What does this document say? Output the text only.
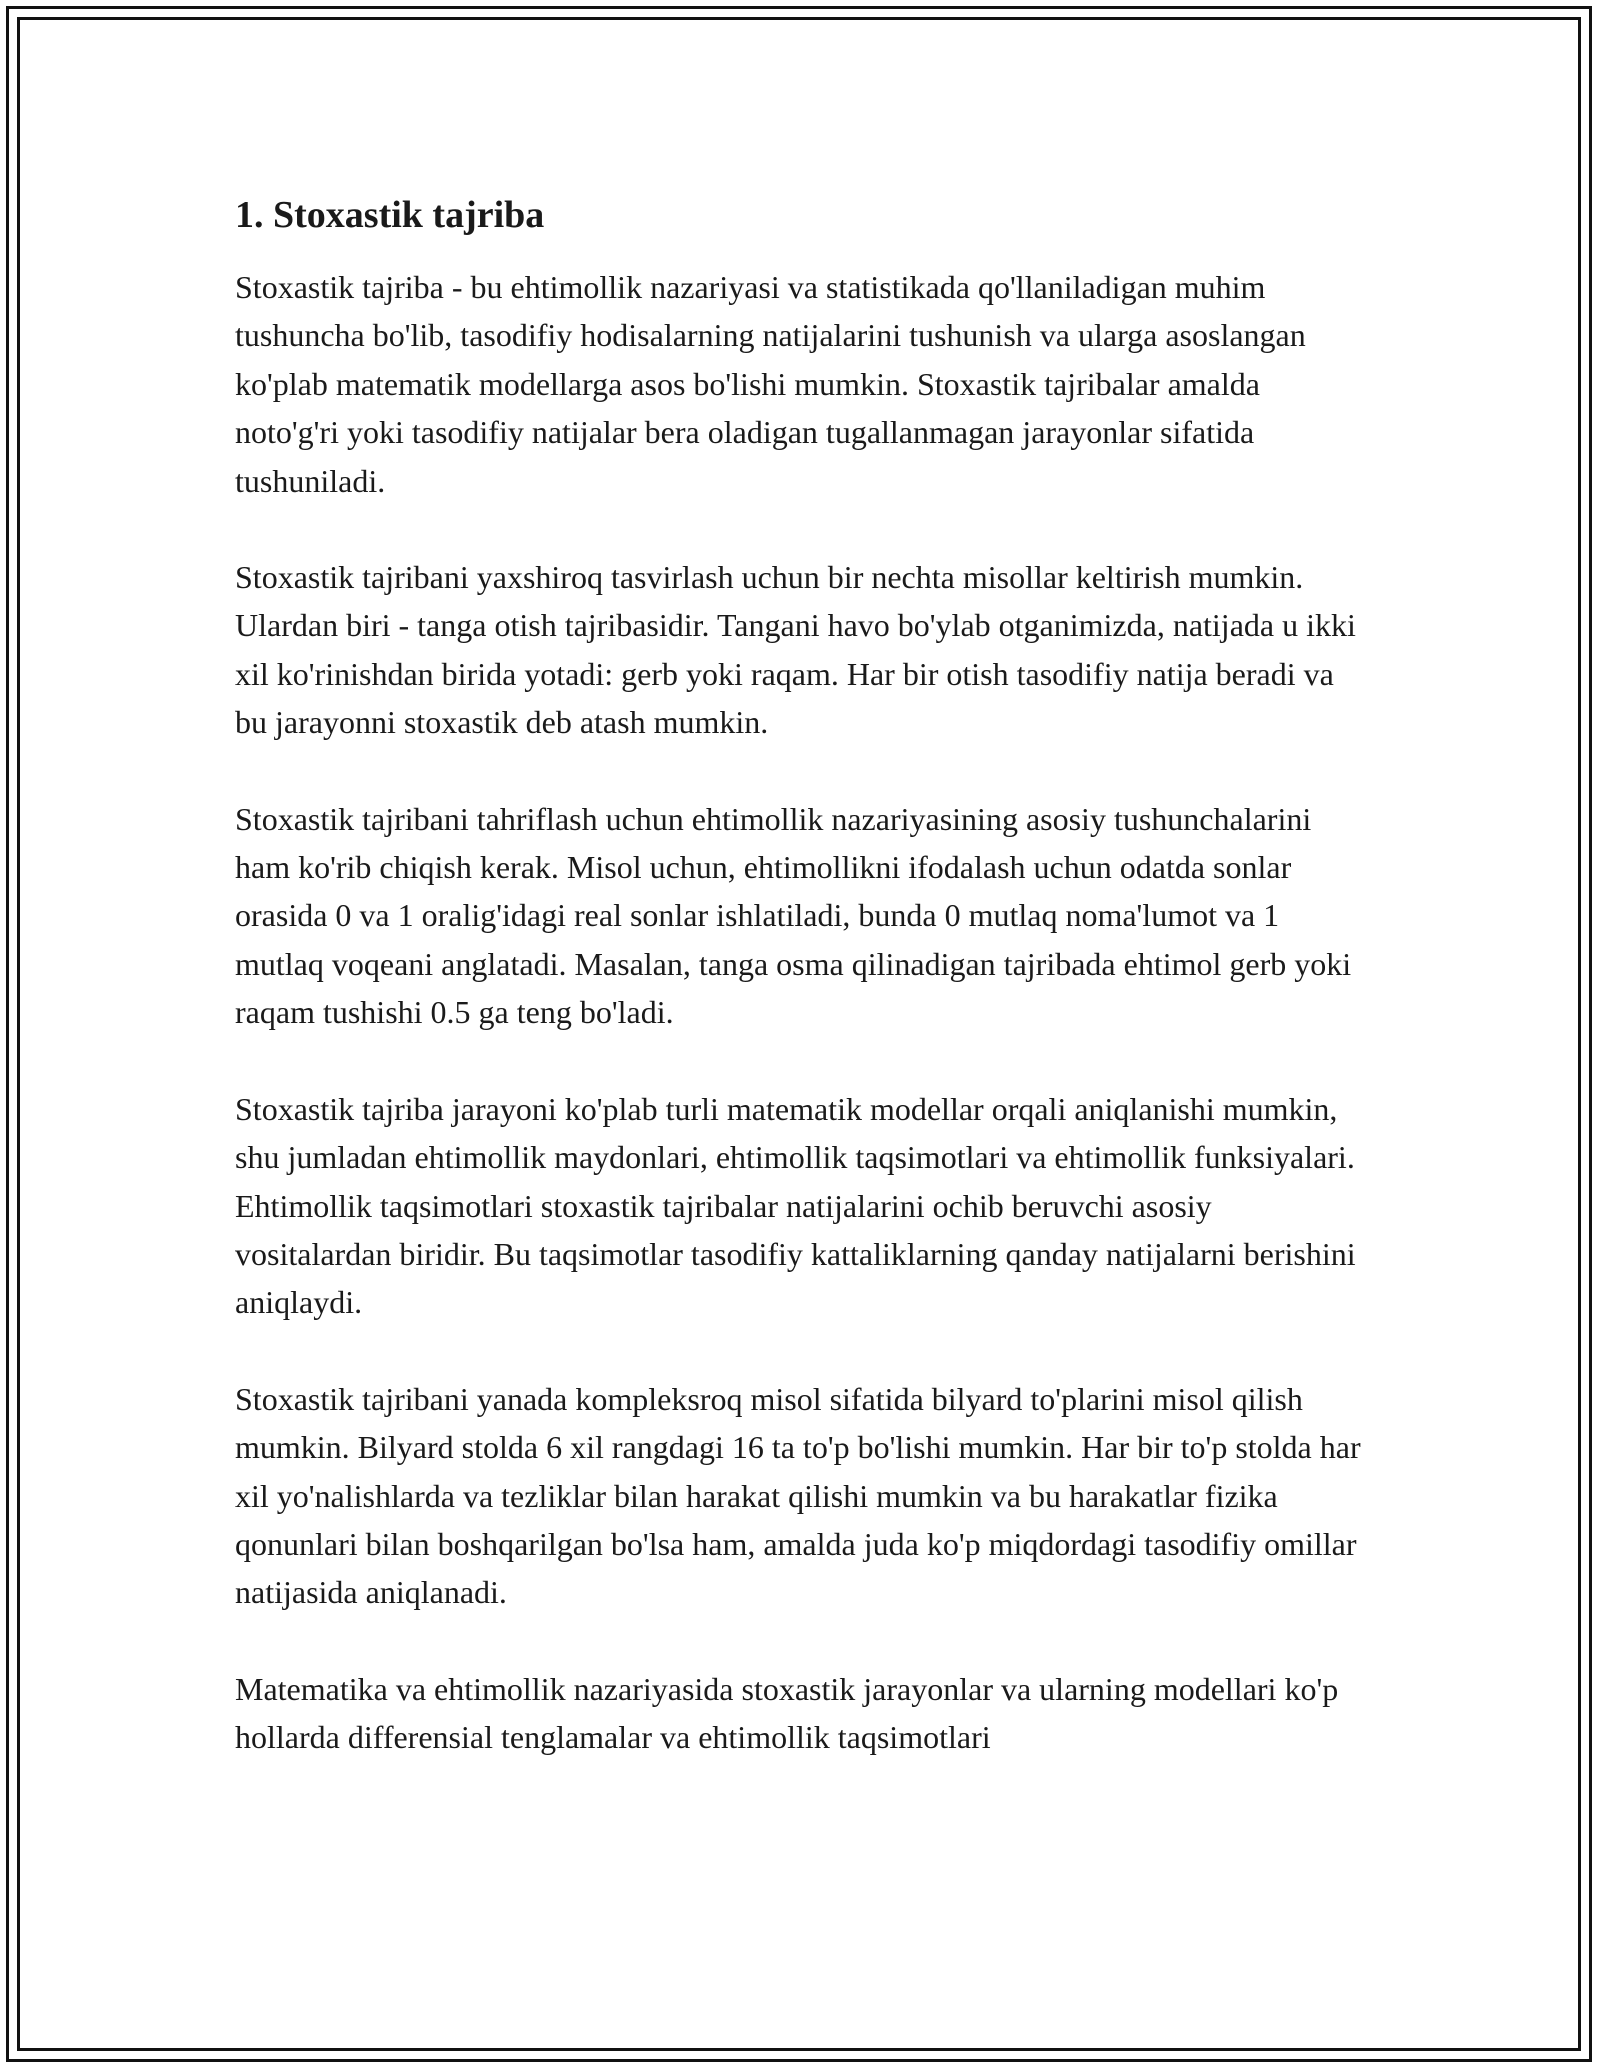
1. Stoxastik tajriba

Stoxastik tajriba - bu ehtimollik nazariyasi va statistikada qo'llaniladigan muhim tushuncha bo'lib, tasodifiy hodisalarning natijalarini tushunish va ularga asoslangan ko'plab matematik modellarga asos bo'lishi mumkin. Stoxastik tajribalar amalda noto'g'ri yoki tasodifiy natijalar bera oladigan tugallanmagan jarayonlar sifatida tushuniladi.

Stoxastik tajribani yaxshiroq tasvirlash uchun bir nechta misollar keltirish mumkin. Ulardan biri - tanga otish tajribasidir. Tangani havo bo'ylab otganimizda, natijada u ikki xil ko'rinishdan birida yotadi: gerb yoki raqam. Har bir otish tasodifiy natija beradi va bu jarayonni stoxastik deb atash mumkin.

Stoxastik tajribani tahriflash uchun ehtimollik nazariyasining asosiy tushunchalarini ham ko'rib chiqish kerak. Misol uchun, ehtimollikni ifodalash uchun odatda sonlar orasida 0 va 1 oralig'idagi real sonlar ishlatiladi, bunda 0 mutlaq noma'lumot va 1 mutlaq voqeani anglatadi. Masalan, tanga osma qilinadigan tajribada ehtimol gerb yoki raqam tushishi 0.5 ga teng bo'ladi.

Stoxastik tajriba jarayoni ko'plab turli matematik modellar orqali aniqlanishi mumkin, shu jumladan ehtimollik maydonlari, ehtimollik taqsimotlari va ehtimollik funksiyalari. Ehtimollik taqsimotlari stoxastik tajribalar natijalarini ochib beruvchi asosiy vositalardan biridir. Bu taqsimotlar tasodifiy kattaliklarning qanday natijalarni berishini aniqlaydi.

Stoxastik tajribani yanada kompleksroq misol sifatida bilyard to'plarini misol qilish mumkin. Bilyard stolda 6 xil rangdagi 16 ta to'p bo'lishi mumkin. Har bir to'p stolda har xil yo'nalishlarda va tezliklar bilan harakat qilishi mumkin va bu harakatlar fizika qonunlari bilan boshqarilgan bo'lsa ham, amalda juda ko'p miqdordagi tasodifiy omillar natijasida aniqlanadi.

Matematika va ehtimollik nazariyasida stoxastik jarayonlar va ularning modellari ko'p hollarda differensial tenglamalar va ehtimollik taqsimotlari
